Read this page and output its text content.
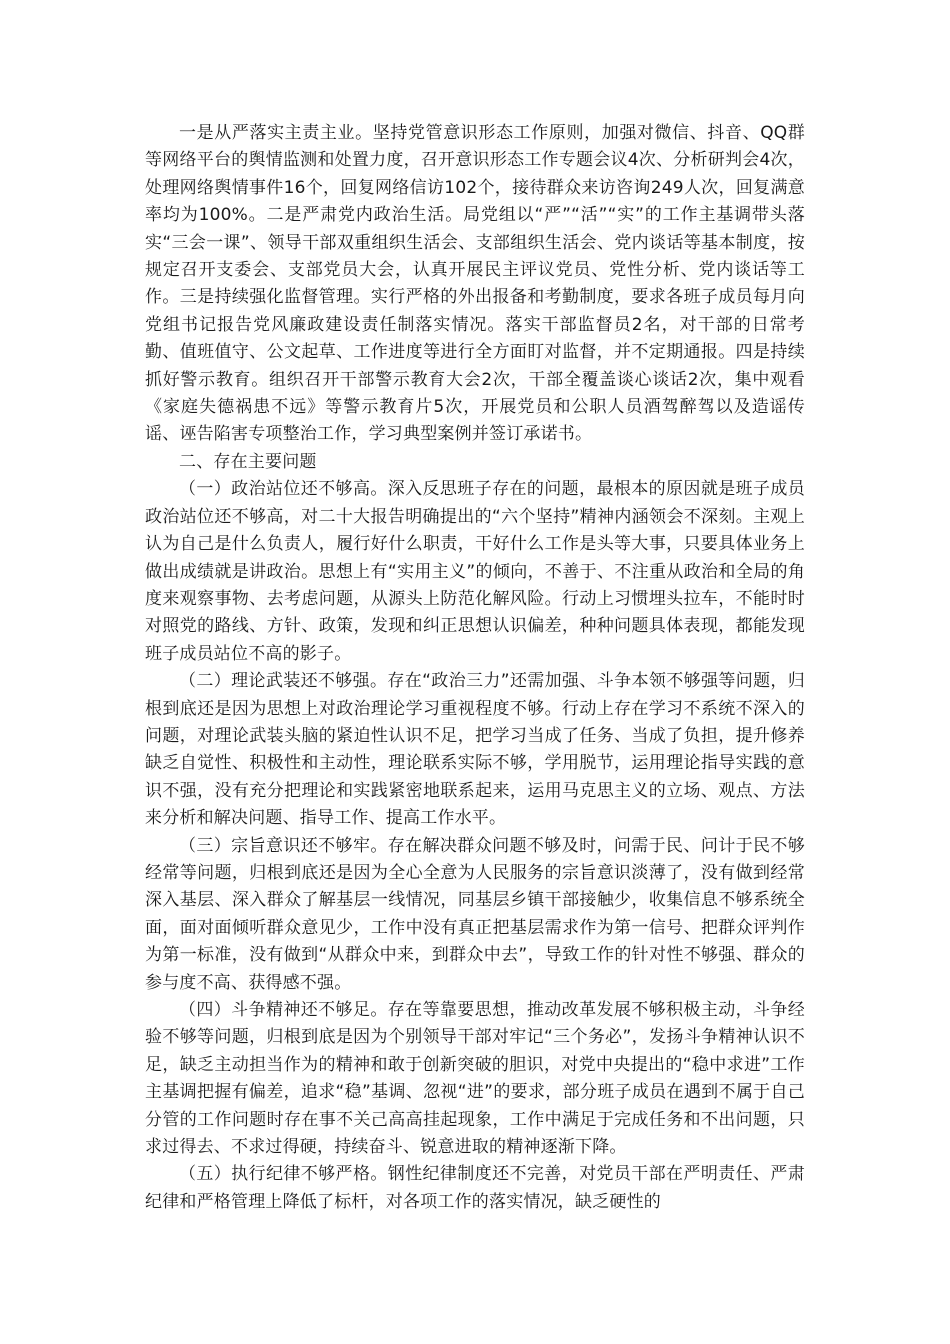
一是从严落实主责主业。坚持党管意识形态工作原则，加强对微信、抖音、QQ群等网络平台的舆情监测和处置力度，召开意识形态工作专题会议4次、分析研判会4次，处理网络舆情事件16个，回复网络信访102个，接待群众来访咨询249人次，回复满意率均为100%。二是严肃党内政治生活。局党组以“严”“活”“实”的工作主基调带头落实“三会一课”、领导干部双重组织生活会、支部组织生活会、党内谈话等基本制度，按规定召开支委会、支部党员大会，认真开展民主评议党员、党性分析、党内谈话等工作。三是持续强化监督管理。实行严格的外出报备和考勤制度，要求各班子成员每月向党组书记报告党风廉政建设责任制落实情况。落实干部监督员2名，对干部的日常考勤、值班值守、公文起草、工作进度等进行全方面盯对监督，并不定期通报。四是持续抓好警示教育。组织召开干部警示教育大会2次，干部全覆盖谈心谈话2次，集中观看《家庭失德祸患不远》等警示教育片5次，开展党员和公职人员酒驾醉驾以及造谣传谣、诬告陷害专项整治工作，学习典型案例并签订承诺书。

二、存在主要问题

（一）政治站位还不够高。深入反思班子存在的问题，最根本的原因就是班子成员政治站位还不够高，对二十大报告明确提出的“六个坚持”精神内涵领会不深刻。主观上认为自己是什么负责人，履行好什么职责，干好什么工作是头等大事，只要具体业务上做出成绩就是讲政治。思想上有“实用主义”的倾向，不善于、不注重从政治和全局的角度来观察事物、去考虑问题，从源头上防范化解风险。行动上习惯埋头拉车，不能时时对照党的路线、方针、政策，发现和纠正思想认识偏差，种种问题具体表现，都能发现班子成员站位不高的影子。

（二）理论武装还不够强。存在“政治三力”还需加强、斗争本领不够强等问题，归根到底还是因为思想上对政治理论学习重视程度不够。行动上存在学习不系统不深入的问题，对理论武装头脑的紧迫性认识不足，把学习当成了任务、当成了负担，提升修养缺乏自觉性、积极性和主动性，理论联系实际不够，学用脱节，运用理论指导实践的意识不强，没有充分把理论和实践紧密地联系起来，运用马克思主义的立场、观点、方法来分析和解决问题、指导工作、提高工作水平。

（三）宗旨意识还不够牢。存在解决群众问题不够及时，问需于民、问计于民不够经常等问题，归根到底还是因为全心全意为人民服务的宗旨意识淡薄了，没有做到经常深入基层、深入群众了解基层一线情况，同基层乡镇干部接触少，收集信息不够系统全面，面对面倾听群众意见少，工作中没有真正把基层需求作为第一信号、把群众评判作为第一标准，没有做到“从群众中来，到群众中去”，导致工作的针对性不够强、群众的参与度不高、获得感不强。

（四）斗争精神还不够足。存在等靠要思想，推动改革发展不够积极主动，斗争经验不够等问题，归根到底是因为个别领导干部对牢记“三个务必”，发扬斗争精神认识不足，缺乏主动担当作为的精神和敢于创新突破的胆识，对党中央提出的“稳中求进”工作主基调把握有偏差，追求“稳”基调、忽视“进”的要求，部分班子成员在遇到不属于自己分管的工作问题时存在事不关己高高挂起现象，工作中满足于完成任务和不出问题，只求过得去、不求过得硬，持续奋斗、锐意进取的精神逐渐下降。

（五）执行纪律不够严格。钢性纪律制度还不完善，对党员干部在严明责任、严肃纪律和严格管理上降低了标杆，对各项工作的落实情况，缺乏硬性的
